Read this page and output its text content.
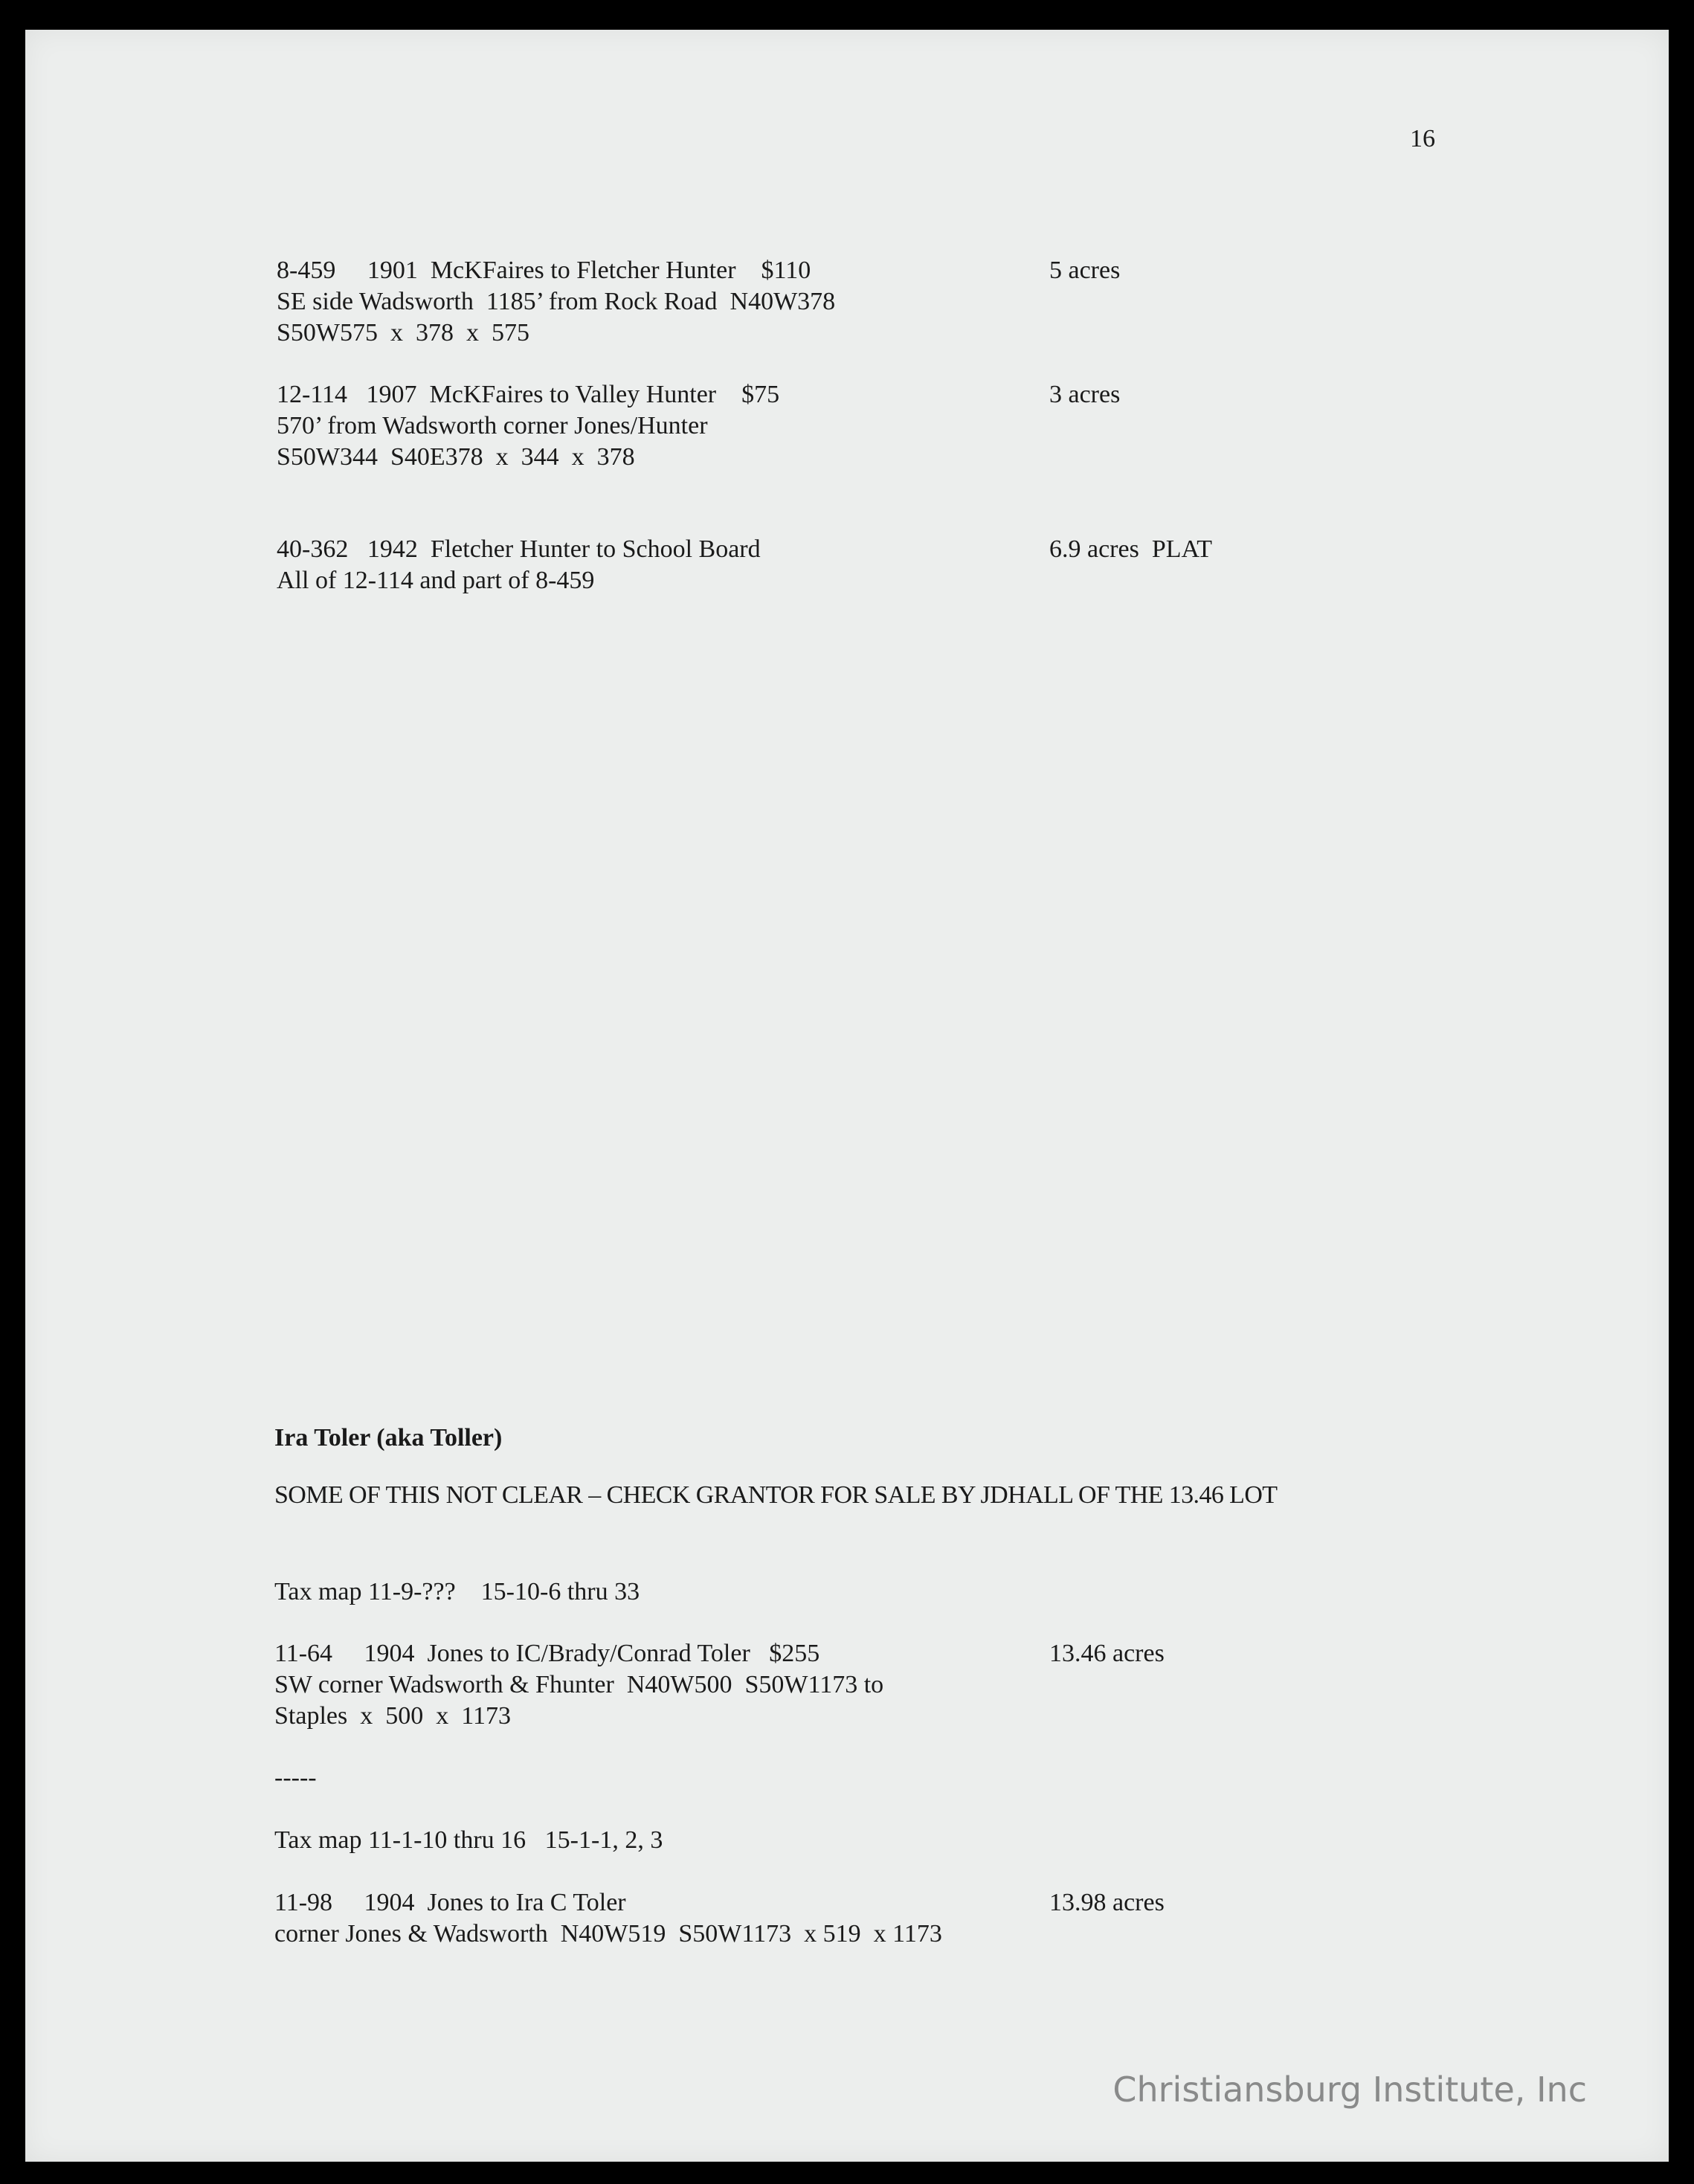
16
8-459     1901  McKFaires to Fletcher Hunter    $110
SE side Wadsworth  1185’ from Rock Road  N40W378
S50W575  x  378  x  575
5 acres
12-114   1907  McKFaires to Valley Hunter    $75
570’ from Wadsworth corner Jones/Hunter
S50W344  S40E378  x  344  x  378
3 acres
40-362   1942  Fletcher Hunter to School Board
All of 12-114 and part of 8-459
6.9 acres  PLAT
Ira Toler (aka Toller)
SOME OF THIS NOT CLEAR – CHECK GRANTOR FOR SALE BY JDHALL OF THE 13.46 LOT
Tax map 11-9-???    15-10-6 thru 33
11-64     1904  Jones to IC/Brady/Conrad Toler   $255
SW corner Wadsworth & Fhunter  N40W500  S50W1173 to
Staples  x  500  x  1173
13.46 acres
-----
Tax map 11-1-10 thru 16   15-1-1, 2, 3
11-98     1904  Jones to Ira C Toler
corner Jones & Wadsworth  N40W519  S50W1173  x 519  x 1173
13.98 acres
Christiansburg Institute, Inc
